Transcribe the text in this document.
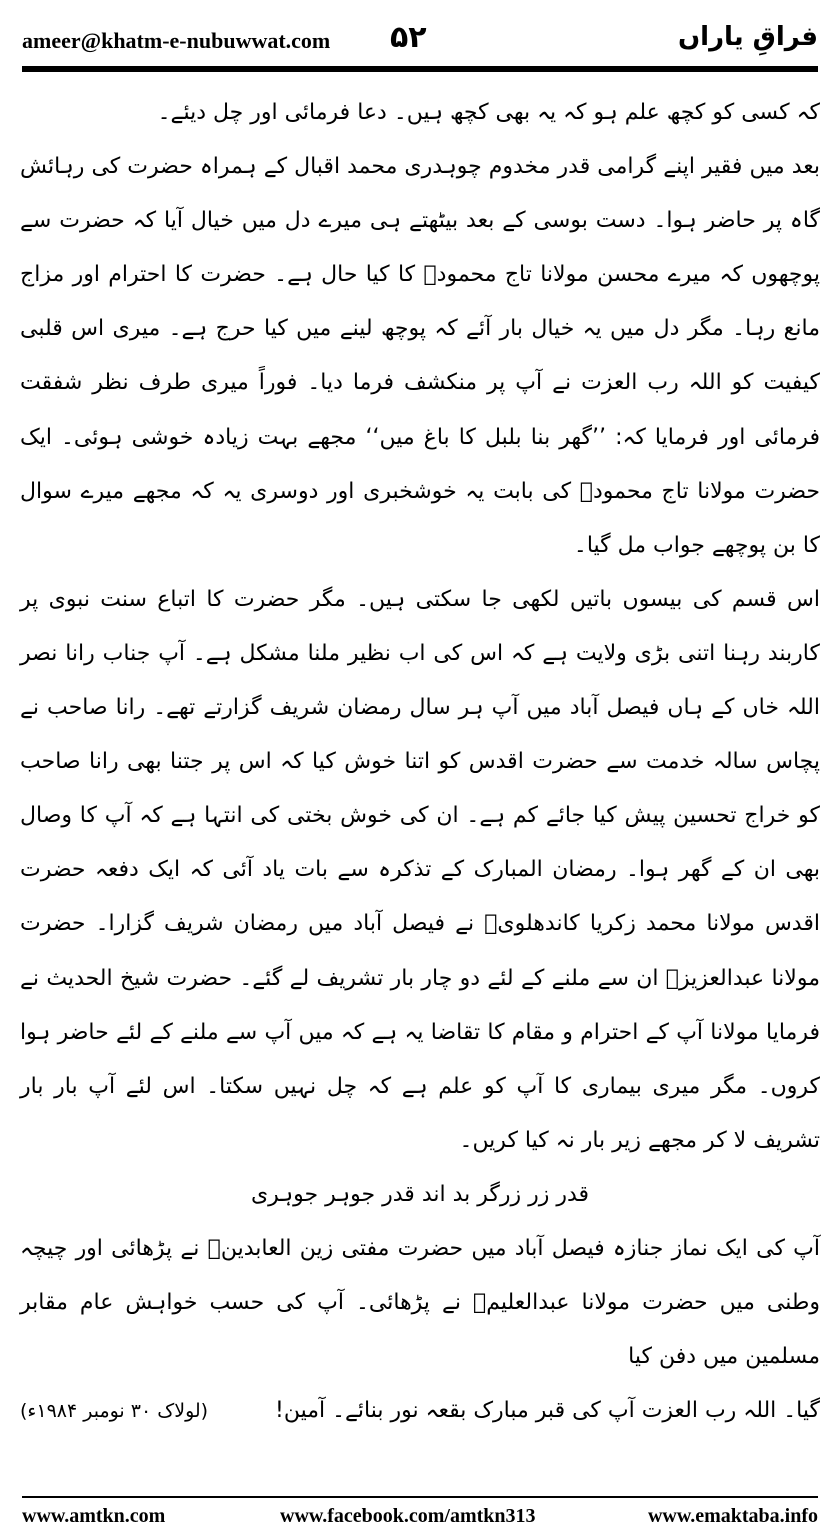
ameer@khatm-e-nubuwwat.com ۵۲	فراقِ یاراں

کہ کسی کو کچھ علم ہو کہ یہ بھی کچھ ہیں۔ دعا فرمائی اور چل دیئے۔

بعد میں فقیر اپنے گرامی قدر مخدوم چوہدری محمد اقبال کے ہمراہ حضرت کی رہائش گاہ پر حاضر ہوا۔ دست بوسی کے بعد بیٹھتے ہی میرے دل میں خیال آیا کہ حضرت سے پوچھوں کہ میرے محسن مولانا تاج محمودؒ کا کیا حال ہے۔ حضرت کا احترام اور مزاج مانع رہا۔ مگر دل میں یہ خیال بار آئے کہ پوچھ لینے میں کیا حرج ہے۔ میری اس قلبی کیفیت کو اللہ رب العزت نے آپ پر منکشف فرما دیا۔ فوراً میری طرف نظر شفقت فرمائی اور فرمایا کہ: ’’گھر بنا بلبل کا باغ میں‘‘ مجھے بہت زیادہ خوشی ہوئی۔ ایک حضرت مولانا تاج محمودؒ کی بابت یہ خوشخبری اور دوسری یہ کہ مجھے میرے سوال کا بن پوچھے جواب مل گیا۔

اس قسم کی بیسوں باتیں لکھی جا سکتی ہیں۔ مگر حضرت کا اتباع سنت نبوی پر کاربند رہنا اتنی بڑی ولایت ہے کہ اس کی اب نظیر ملنا مشکل ہے۔ آپ جناب رانا نصر اللہ خاں کے ہاں فیصل آباد میں آپ ہر سال رمضان شریف گزارتے تھے۔ رانا صاحب نے پچاس سالہ خدمت سے حضرت اقدس کو اتنا خوش کیا کہ اس پر جتنا بھی رانا صاحب کو خراج تحسین پیش کیا جائے کم ہے۔ ان کی خوش بختی کی انتہا ہے کہ آپ کا وصال بھی ان کے گھر ہوا۔ رمضان المبارک کے تذکرہ سے بات یاد آئی کہ ایک دفعہ حضرت اقدس مولانا محمد زکریا کاندھلویؒ نے فیصل آباد میں رمضان شریف گزارا۔ حضرت مولانا عبدالعزیزؒ ان سے ملنے کے لئے دو چار بار تشریف لے گئے۔ حضرت شیخ الحدیث نے فرمایا مولانا آپ کے احترام و مقام کا تقاضا یہ ہے کہ میں آپ سے ملنے کے لئے حاضر ہوا کروں۔ مگر میری بیماری کا آپ کو علم ہے کہ چل نہیں سکتا۔ اس لئے آپ بار بار تشریف لا کر مجھے زیر بار نہ کیا کریں۔

قدر زر زرگر بد اند قدر جوہر جوہری

آپ کی ایک نماز جنازہ فیصل آباد میں حضرت مفتی زین العابدینؒ نے پڑھائی اور چیچہ وطنی میں حضرت مولانا عبدالعلیمؒ نے پڑھائی۔ آپ کی حسب خواہش عام مقابر مسلمین میں دفن کیا

گیا۔ اللہ رب العزت آپ کی قبر مبارک بقعہ نور بنائے۔ آمین!
(لولاک ۳۰ نومبر ۱۹۸۴ء)
www.amtkn.com	www.facebook.com/amtkn313	www.emaktaba.info
